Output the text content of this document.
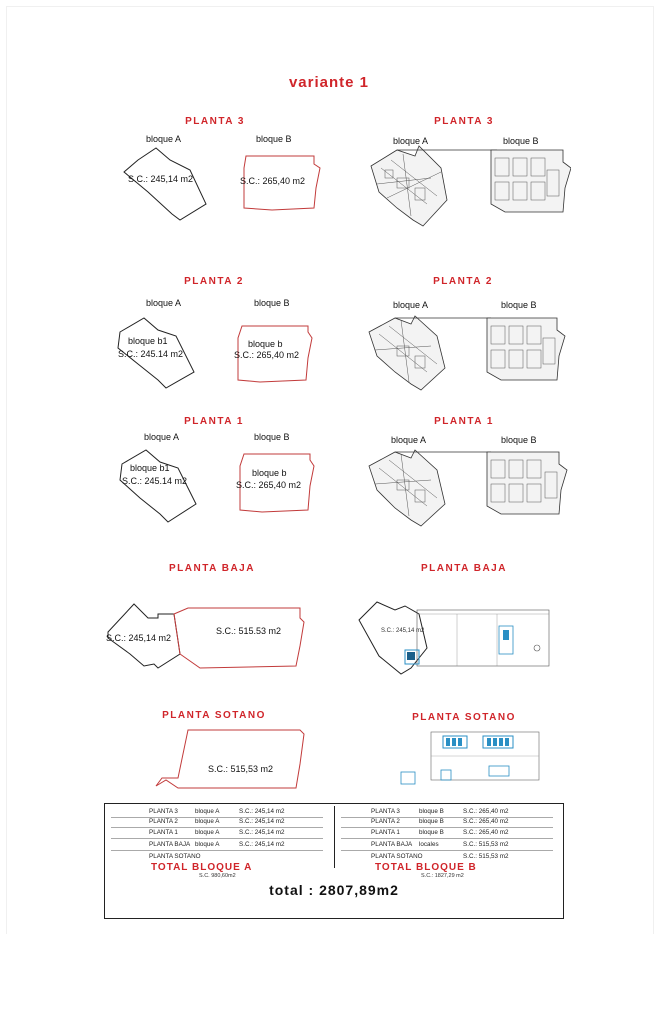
variante 1
PLANTA 3
bloque A	bloque B
S.C.: 245,14 m2	S.C.: 265,40 m2
PLANTA 3
bloque A	bloque B
PLANTA 2
bloque A	bloque B
bloque b1
S.C.: 245.14 m2
bloque b
S.C.: 265,40 m2
PLANTA 2
bloque A	bloque B
PLANTA 1
bloque A	bloque B
bloque b1
S.C.: 245.14 m2
bloque b
S.C.: 265,40 m2
PLANTA 1
bloque A	bloque B
PLANTA BAJA
S.C.: 245,14 m2
S.C.: 515.53 m2
PLANTA BAJA
S.C.: 245,14 m2
PLANTA SOTANO
S.C.: 515,53 m2
PLANTA SOTANO
PLANTA 3	bloque A	S.C.: 245,14 m2
PLANTA 2	bloque A	S.C.: 245,14 m2
PLANTA 1	bloque A	S.C.: 245,14 m2
PLANTA BAJA bloque A	S.C.: 245,14 m2
PLANTA SOTANO
TOTAL BLOQUE A
S.C. 980,60m2
PLANTA 3	bloque B	S.C.: 265,40 m2
PLANTA 2	bloque B	S.C.: 265,40 m2
PLANTA 1	bloque B	S.C.: 265,40 m2
PLANTA BAJA locales	S.C.: 515,53 m2
PLANTA SOTANO	S.C.: 515,53 m2
TOTAL BLOQUE B
S.C.: 1827,29 m2
total : 2807,89m2
